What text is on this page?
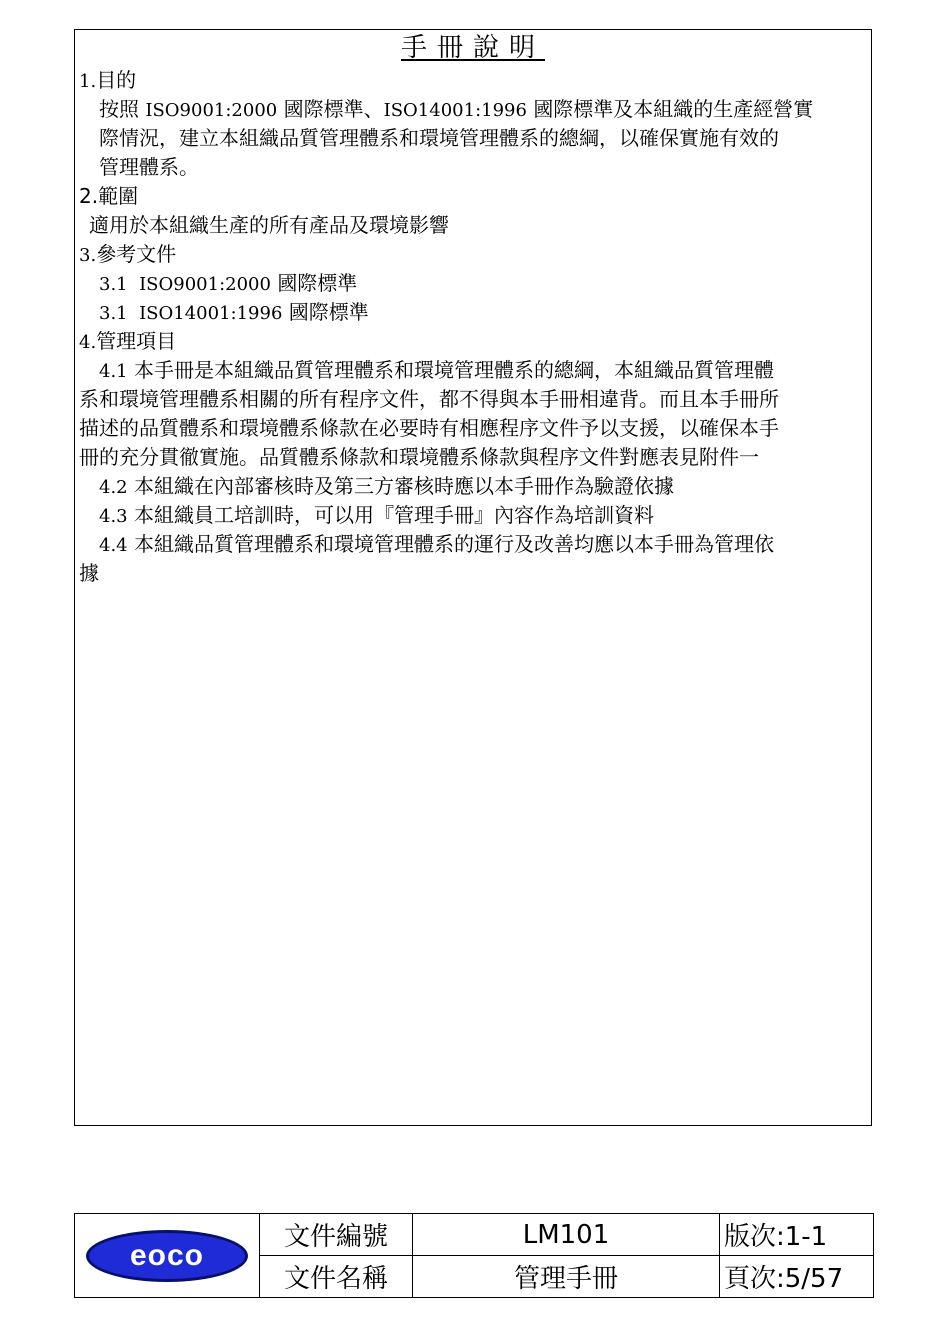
手冊說明
1.目的
按照 ISO9001:2000 國際標準、ISO14001:1996 國際標準及本組織的生產經營實
際情況，建立本組織品質管理體系和環境管理體系的總綱，以確保實施有效的
管理體系。
2.範圍
適用於本組織生產的所有產品及環境影響
3.參考文件
3.1  ISO9001:2000 國際標準
3.1  ISO14001:1996 國際標準
4.管理項目
4.1 本手冊是本組織品質管理體系和環境管理體系的總綱，本組織品質管理體
系和環境管理體系相關的所有程序文件，都不得與本手冊相違背。而且本手冊所
描述的品質體系和環境體系條款在必要時有相應程序文件予以支援，以確保本手
冊的充分貫徹實施。品質體系條款和環境體系條款與程序文件對應表見附件一
4.2 本組織在內部審核時及第三方審核時應以本手冊作為驗證依據
4.3 本組織員工培訓時，可以用『管理手冊』內容作為培訓資料
4.4 本組織品質管理體系和環境管理體系的運行及改善均應以本手冊為管理依
據
eoco	文件編號	LM101	版次:1-1
	文件名稱	管理手冊	頁次:5/57
